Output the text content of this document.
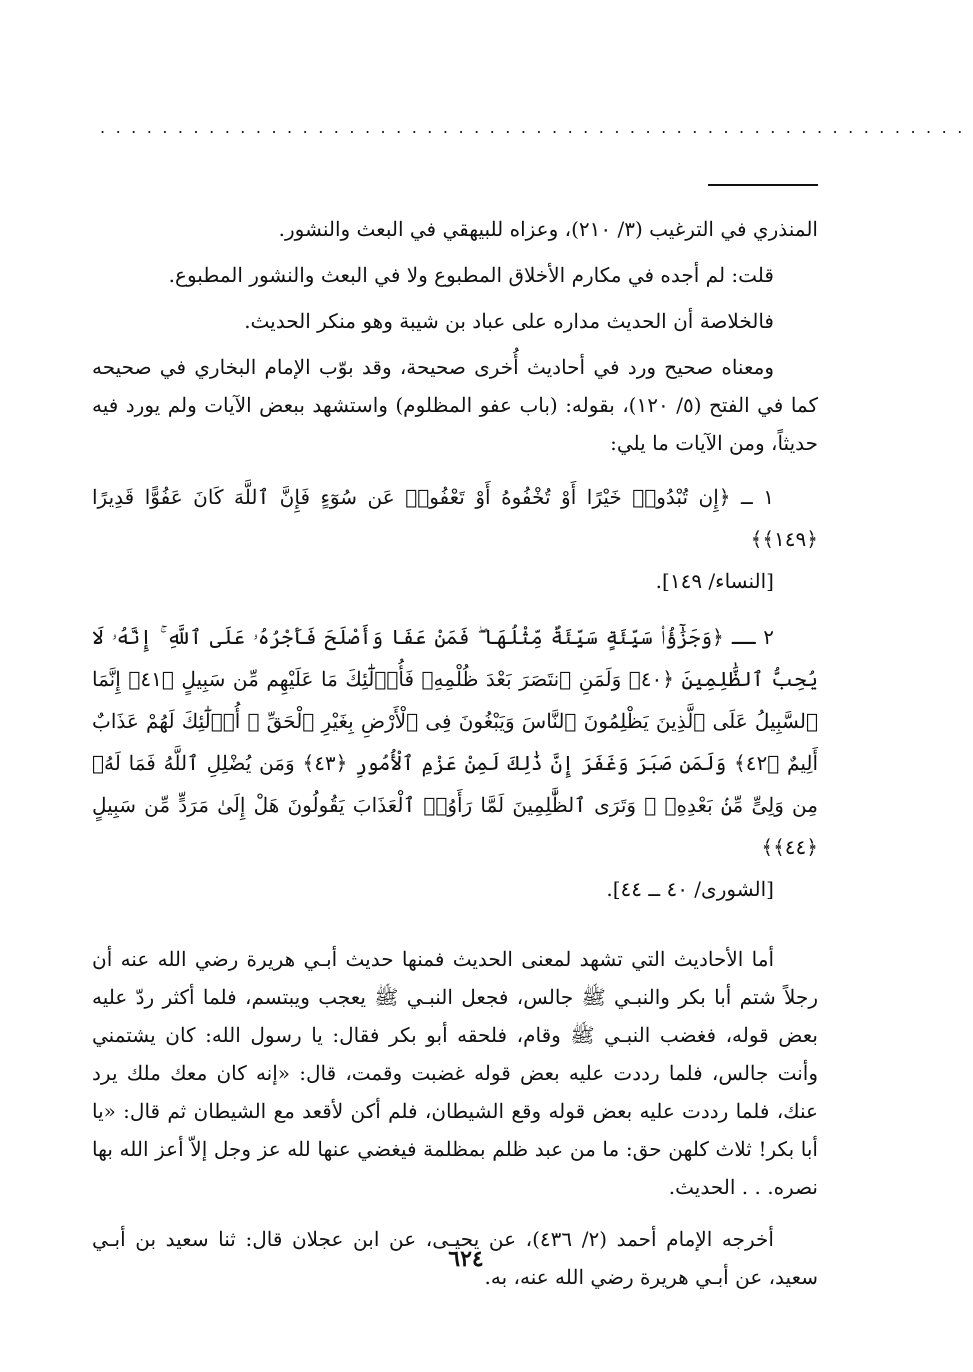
........................................................

المنذري في الترغيب (٣/ ٢١٠)، وعزاه للبيهقي في البعث والنشور.

قلت: لم أجده في مكارم الأخلاق المطبوع ولا في البعث والنشور المطبوع.

فالخلاصة أن الحديث مداره على عباد بن شيبة وهو منكر الحديث.

ومعناه صحيح ورد في أحاديث أُخرى صحيحة، وقد بوّب الإمام البخاري في صحيحه كما في الفتح (٥/ ١٢٠)، بقوله: (باب عفو المظلوم) واستشهد ببعض الآيات ولم يورد فيه حديثاً، ومن الآيات ما يلي:

١ ــ ﴿إِن تُبْدُوا۟ خَيْرًا أَوْ تُخْفُوهُ أَوْ تَعْفُوا۟ عَن سُوٓءٍ فَإِنَّ ٱللَّهَ كَانَ عَفُوًّا قَدِيرًا ﴿١٤٩﴾﴾
[النساء/ ١٤٩].

٢ ــ ﴿وَجَزَٰٓؤُا۟ سَيِّئَةٍ سَيِّئَةٌ مِّثْلُهَا ۖ فَمَنْ عَفَا وَأَصْلَحَ فَأَجْرُهُۥ عَلَى ٱللَّهِ ۚ إِنَّهُۥ لَا يُحِبُّ ٱلظَّٰلِمِينَ ﴿٤٠﴾ وَلَمَنِ ٱنتَصَرَ بَعْدَ ظُلْمِهِۦ فَأُو۟لَٰٓئِكَ مَا عَلَيْهِم مِّن سَبِيلٍ ﴿٤١﴾ إِنَّمَا ٱلسَّبِيلُ عَلَى ٱلَّذِينَ يَظْلِمُونَ ٱلنَّاسَ وَيَبْغُونَ فِى ٱلْأَرْضِ بِغَيْرِ ٱلْحَقِّ ۚ أُو۟لَٰٓئِكَ لَهُمْ عَذَابٌ أَلِيمٌ ﴿٤٢﴾ وَلَمَن صَبَرَ وَغَفَرَ إِنَّ ذَٰلِكَ لَمِنْ عَزْمِ ٱلْأُمُورِ ﴿٤٣﴾ وَمَن يُضْلِلِ ٱللَّهُ فَمَا لَهُۥ مِن وَلِىٍّ مِّنۢ بَعْدِهِۦ ۗ وَتَرَى ٱلظَّٰلِمِينَ لَمَّا رَأَوُا۟ ٱلْعَذَابَ يَقُولُونَ هَلْ إِلَىٰ مَرَدٍّ مِّن سَبِيلٍ ﴿٤٤﴾﴾
[الشورى/ ٤٠ ــ ٤٤].

أما الأحاديث التي تشهد لمعنى الحديث فمنها حديث أبـي هريرة رضي الله عنه أن رجلاً شتم أبا بكر والنبـي ﷺ جالس، فجعل النبـي ﷺ يعجب ويبتسم، فلما أكثر ردّ عليه بعض قوله، فغضب النبـي ﷺ وقام، فلحقه أبو بكر فقال: يا رسول الله: كان يشتمني وأنت جالس، فلما رددت عليه بعض قوله غضبت وقمت، قال: «إنه كان معك ملك يرد عنك، فلما رددت عليه بعض قوله وقع الشيطان، فلم أكن لأقعد مع الشيطان ثم قال: «يا أبا بكر! ثلاث كلهن حق: ما من عبد ظلم بمظلمة فيغضي عنها لله عز وجل إلاّ أعز الله بها نصره. . . الحديث.

أخرجه الإمام أحمد (٢/ ٤٣٦)، عن يحيـى، عن ابن عجلان قال: ثنا سعيد بن أبـي سعيد، عن أبـي هريرة رضي الله عنه، به.

٦٢٤
